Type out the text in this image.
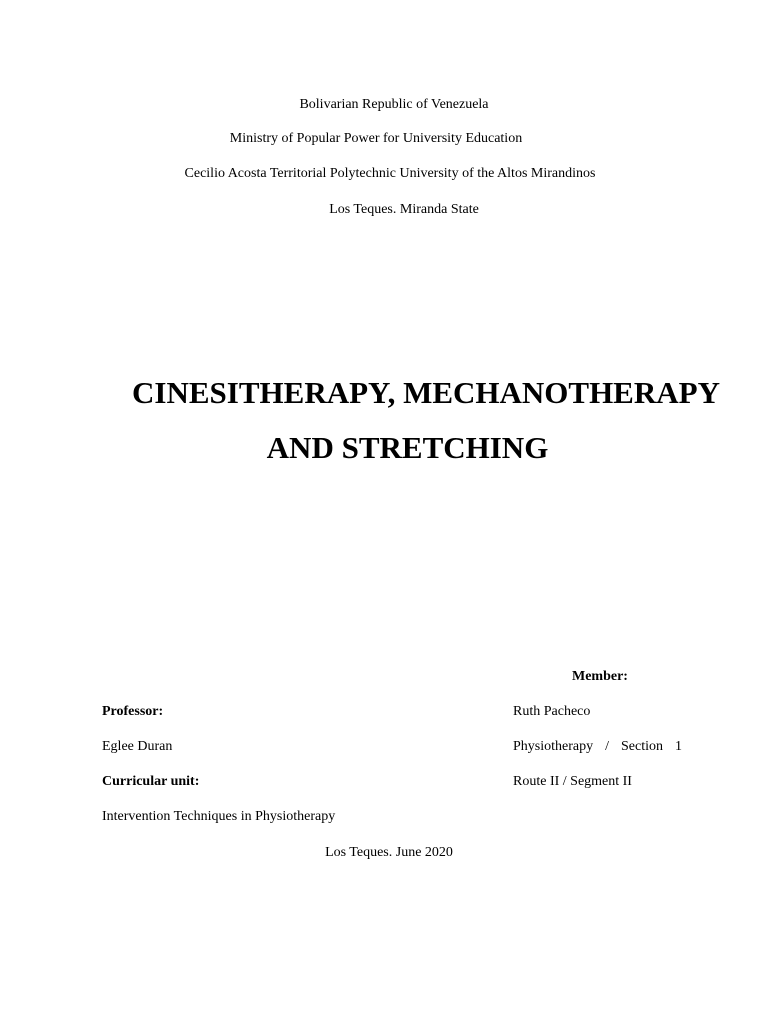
Bolivarian Republic of Venezuela
Ministry of Popular Power for University Education
Cecilio Acosta Territorial Polytechnic University of the Altos Mirandinos
Los Teques. Miranda State
CINESITHERAPY, MECHANOTHERAPY
AND STRETCHING
Member:
Professor:	Ruth Pacheco
Eglee Duran	Physiotherapy / Section 1
Curricular unit:	Route II / Segment II
Intervention Techniques in Physiotherapy
Los Teques. June 2020
